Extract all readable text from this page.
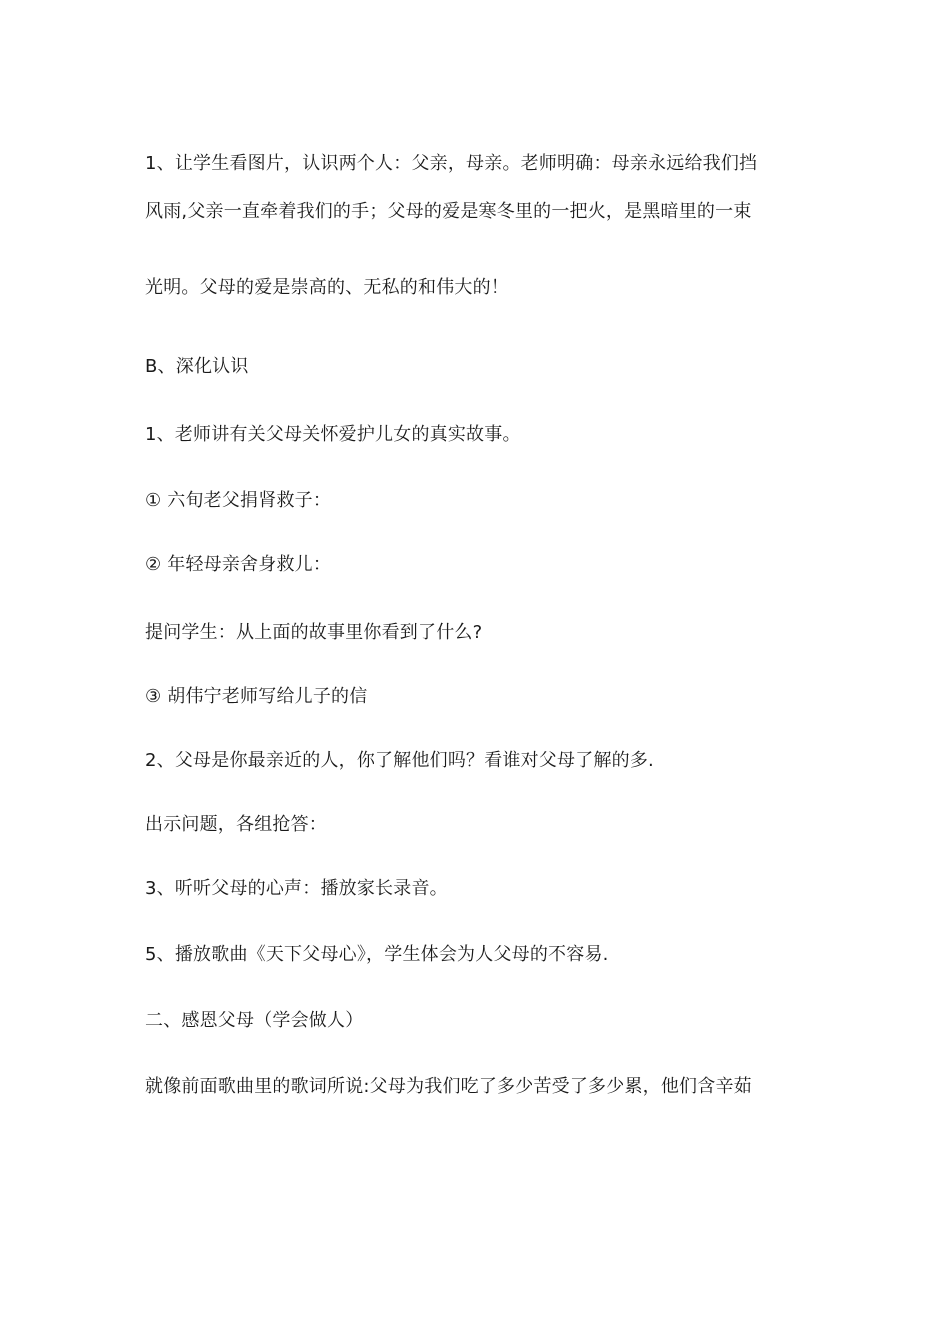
1、让学生看图片，认识两个人：父亲，母亲。老师明确：母亲永远给我们挡
风雨,父亲一直牵着我们的手；父母的爱是寒冬里的一把火，是黑暗里的一束
光明。父母的爱是崇高的、无私的和伟大的！
B、深化认识
1、老师讲有关父母关怀爱护儿女的真实故事。
① 六旬老父捐肾救子：
② 年轻母亲舍身救儿：
提问学生：从上面的故事里你看到了什么?
③ 胡伟宁老师写给儿子的信
2、父母是你最亲近的人，你了解他们吗？看谁对父母了解的多.
出示问题，各组抢答：
3、听听父母的心声：播放家长录音。
5、播放歌曲《天下父母心》，学生体会为人父母的不容易.
二、感恩父母（学会做人）
就像前面歌曲里的歌词所说:父母为我们吃了多少苦受了多少累，他们含辛茹
